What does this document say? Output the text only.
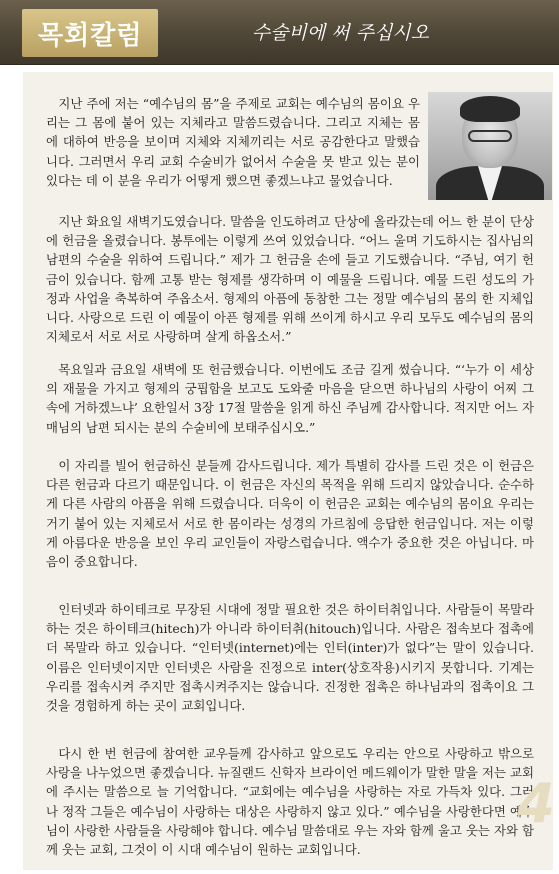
목회칼럼	수술비에 써 주십시오

지난 주에 저는 “예수님의 몸”을 주제로 교회는 예수님의 몸이요 우리는 그 몸에 붙어 있는 지체라고 말씀드렸습니다. 그리고 지체는 몸에 대하여 반응을 보이며 지체와 지체끼리는 서로 공감한다고 말했습니다. 그러면서 우리 교회 수술비가 없어서 수술을 못 받고 있는 분이 있다는 데 이 분을 우리가 어떻게 했으면 좋겠느냐고 물었습니다.

지난 화요일 새벽기도였습니다. 말씀을 인도하려고 단상에 올라갔는데 어느 한 분이 단상에 헌금을 올렸습니다. 봉투에는 이렇게 쓰여 있었습니다. “어느 울며 기도하시는 집사님의 남편의 수술을 위하여 드립니다.” 제가 그 헌금을 손에 들고 기도했습니다. “주님, 여기 헌금이 있습니다. 함께 고통 받는 형제를 생각하며 이 예물을 드립니다. 예물 드린 성도의 가정과 사업을 축복하여 주옵소서. 형제의 아픔에 동참한 그는 정말 예수님의 몸의 한 지체입니다. 사랑으로 드린 이 예물이 아픈 형제를 위해 쓰이게 하시고 우리 모두도 예수님의 몸의 지체로서 서로 서로 사랑하며 살게 하옵소서.”

목요일과 금요일 새벽에 또 헌금했습니다. 이번에도 조금 길게 썼습니다. “‘누가 이 세상의 재물을 가지고 형제의 궁핍함을 보고도 도와줄 마음을 닫으면 하나님의 사랑이 어찌 그 속에 거하겠느냐’ 요한일서 3장 17절 말씀을 읽게 하신 주님께 감사합니다. 적지만 어느 자매님의 남편 되시는 분의 수술비에 보태주십시오.”

이 자리를 빌어 헌금하신 분들께 감사드립니다. 제가 특별히 감사를 드린 것은 이 헌금은 다른 헌금과 다르기 때문입니다. 이 헌금은 자신의 목적을 위해 드리지 않았습니다. 순수하게 다른 사람의 아픔을 위해 드렸습니다. 더욱이 이 헌금은 교회는 예수님의 몸이요 우리는 거기 붙어 있는 지체로서 서로 한 몸이라는 성경의 가르침에 응답한 헌금입니다. 저는 이렇게 아름다운 반응을 보인 우리 교인들이 자랑스럽습니다. 액수가 중요한 것은 아닙니다. 마음이 중요합니다.

인터넷과 하이테크로 무장된 시대에 정말 필요한 것은 하이터취입니다. 사람들이 목말라 하는 것은 하이테크(hitech)가 아니라 하이터취(hitouch)입니다. 사람은 접속보다 접촉에 더 목말라 하고 있습니다. “인터넷(internet)에는 인터(inter)가 없다”는 말이 있습니다. 이름은 인터넷이지만 인터넷은 사람을 진정으로 inter(상호작용)시키지 못합니다. 기계는 우리를 접속시켜 주지만 접촉시켜주지는 않습니다. 진정한 접촉은 하나님과의 접촉이요 그것을 경험하게 하는 곳이 교회입니다.

다시 한 번 헌금에 참여한 교우들께 감사하고 앞으로도 우리는 안으로 사랑하고 밖으로 사랑을 나누었으면 좋겠습니다. 뉴질랜드 신학자 브라이언 메드웨이가 말한 말을 저는 교회에 주시는 말씀으로 늘 기억합니다. “교회에는 예수님을 사랑하는 자로 가득차 있다. 그러나 정작 그들은 예수님이 사랑하는 대상은 사랑하지 않고 있다.” 예수님을 사랑한다면 예수님이 사랑한 사람들을 사랑해야 합니다. 예수님 말씀대로 우는 자와 함께 울고 웃는 자와 함께 웃는 교회, 그것이 이 시대 예수님이 원하는 교회입니다.

4
